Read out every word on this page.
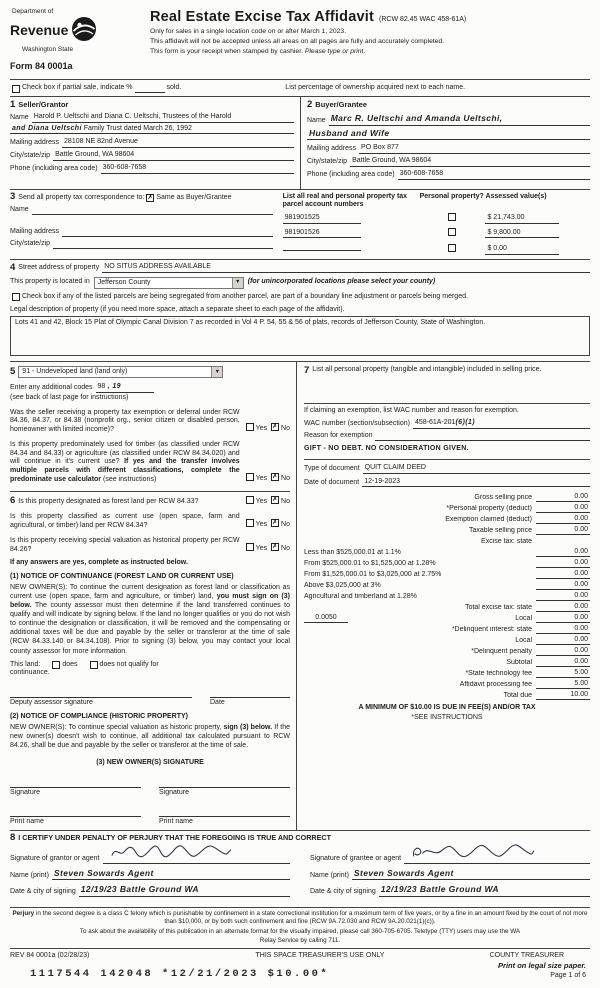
Department of
Revenue
Washington State
Form 84 0001a
Real Estate Excise Tax Affidavit (RCW 82.45 WAC 458-61A)
Only for sales in a single location code on or after March 1, 2023.
This affidavit will not be accepted unless all areas on all pages are fully and accurately completed.
This form is your receipt when stamped by cashier. Please type or print.
Check box if partial sale, indicate %	sold.	List percentage of ownership acquired next to each name.
1 Seller/Grantor
Name Harold P. Ueltschi and Diana C. Ueltschi, Trustees of the Harold
and Diana Ueltschi Family Trust dated March 26, 1992
Mailing address 28108 NE 82nd Avenue
City/state/zip Battle Ground, WA 98604
Phone (including area code) 360-608-7658
2 Buyer/Grantee
Name Marc R. Ueltschi and Amanda Ueltschi,
Husband and Wife
Mailing address PO Box 877
City/state/zip Battle Ground, WA 98604
Phone (including area code) 360-608-7658
3 Send all property tax correspondence to: ✗ Same as Buyer/Grantee
Name
Mailing address
City/state/zip
List all real and personal property tax parcel account numbers
Personal property? Assessed value(s)
981901525	$ 21,743.00
981901526	$ 9,800.00
$ 0.00
4 Street address of property NO SITUS ADDRESS AVAILABLE
This property is located in	Jefferson County	▼	(for unincorporated locations please select your county)
Check box if any of the listed parcels are being segregated from another parcel, are part of a boundary line adjustment or parcels being merged.
Legal description of property (if you need more space, attach a separate sheet to each page of the affidavit).
Lots 41 and 42, Block 15 Plat of Olympic Canal Division 7 as recorded in Vol 4 P. 54, 55 & 56 of plats, records of Jefferson County, State of Washington.
5	91 - Undeveloped land (land only)	▼
Enter any additional codes 98 , 19
(see back of last page for instructions)
Was the seller receiving a property tax exemption or deferral under RCW 84.36, 84.37, or 84.38 (nonprofit org., senior citizen or disabled person, homeowner with limited income)?	Yes ✗ No
Is this property predominately used for timber (as classified under RCW 84.34 and 84.33) or agriculture (as classified under RCW 84.34.020) and will continue in it's current use? If yes and the transfer involves multiple parcels with different classifications, complete the predominate use calculator (see instructions)	Yes ✗ No
6 Is this property designated as forest land per RCW 84.33?	Yes ✗ No
Is this property classified as current use (open space, farm and agricultural, or timber) land per RCW 84.34?	Yes ✗ No
Is this property receiving special valuation as historical property per RCW 84.26?	Yes ✗ No
If any answers are yes, complete as instructed below.
(1) NOTICE OF CONTINUANCE (FOREST LAND OR CURRENT USE)
NEW OWNER(S): To continue the current designation as forest land or classification as current use (open space, farm and agriculture, or timber) land, you must sign on (3) below. The county assessor must then determine if the land transferred continues to qualify and will indicate by signing below. If the land no longer qualifies or you do not wish to continue the designation or classification, it will be removed and the compensating or additional taxes will be due and payable by the seller or transferor at the time of sale (RCW 84.33.140 or 84.34.108). Prior to signing (3) below, you may contact your local county assessor for more information.
This land:	does	does not qualify for
continuance.
Deputy assessor signature	Date
(2) NOTICE OF COMPLIANCE (HISTORIC PROPERTY)
NEW OWNER(S): To continue special valuation as historic property, sign (3) below. If the new owner(s) doesn't wish to continue, all additional tax calculated pursuant to RCW 84.26, shall be due and payable by the seller or transferor at the time of sale.
(3) NEW OWNER(S) SIGNATURE
Signature	Signature
Print name	Print name
7 List all personal property (tangible and intangible) included in selling price.
If claiming an exemption, list WAC number and reason for exemption.
WAC number (section/subsection) 458-61A-201(6)(1)
Reason for exemption
GIFT - NO DEBT. NO CONSIDERATION GIVEN.
Type of document QUIT CLAIM DEED
Date of document 12-19-2023
Gross selling price	0.00
*Personal property (deduct)	0.00
Exemption claimed (deduct)	0.00
Taxable selling price	0.00
Excise tax: state
Less than $525,000.01 at 1.1%	0.00
From $525,000.01 to $1,525,000 at 1.28%	0.00
From $1,525,000.01 to $3,025,000 at 2.75%	0.00
Above $3,025,000 at 3%	0.00
Agricultural and timberland at 1.28%	0.00
Total excise tax: state	0.00
0.0050	Local	0.00
*Delinquent interest: state	0.00
Local	0.00
*Delinquent penalty	0.00
Subtotal	0.00
*State technology fee	5.00
Affidavit processing fee	5.00
Total due	10.00
A MINIMUM OF $10.00 IS DUE IN FEE(S) AND/OR TAX
*SEE INSTRUCTIONS
8 I CERTIFY UNDER PENALTY OF PERJURY THAT THE FOREGOING IS TRUE AND CORRECT
Signature of grantor or agent
Name (print) Steven Sowards Agent
Date & city of signing 12/19/23 Battle Ground WA
Signature of grantee or agent
Name (print) Steven Sowards Agent
Date & city of signing 12/19/23 Battle Ground WA
Perjury in the second degree is a class C felony which is punishable by confinement in a state correctional institution for a maximum term of five years, or by a fine in an amount fixed by the court of not more than $10,000, or by both such confinement and fine (RCW 9A.72.030 and RCW 9A.20.021(1)(c)).
To ask about the availability of this publication in an alternate format for the visually impaired, please call 360-705-6705. Teletype (TTY) users may use the WA Relay Service by calling 711.
REV 84 0001a (02/28/23)	THIS SPACE TREASURER'S USE ONLY	COUNTY TREASURER
1117544 142048 *12/21/2023 $10.00*
Print on legal size paper.
Page 1 of 6
